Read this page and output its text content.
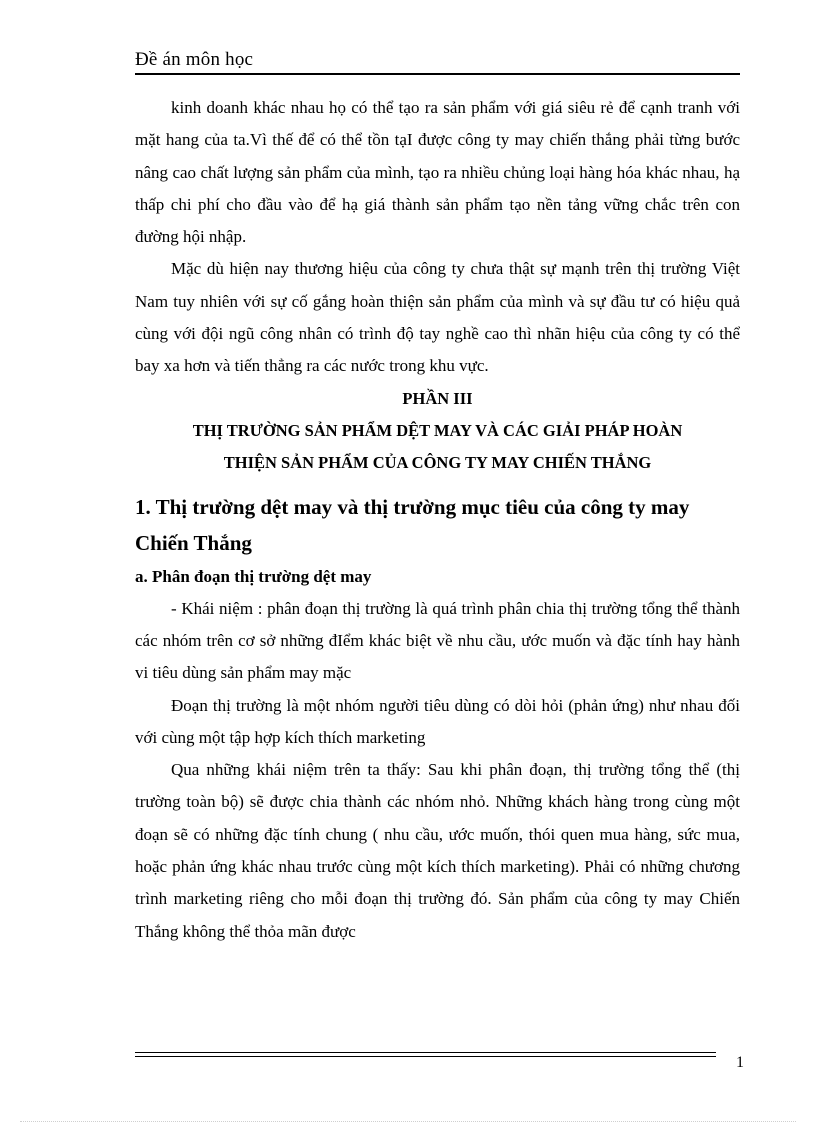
Đề án môn học

kinh doanh khác nhau họ có thể tạo ra sản phẩm với giá siêu rẻ để cạnh tranh với mặt hang của ta.Vì thế để có thể tồn tạI được công ty may chiến thắng phải từng bước nâng cao chất lượng sản phẩm của mình, tạo ra nhiều chủng loại hàng hóa khác nhau, hạ thấp chi phí cho đầu vào để hạ giá thành sản phẩm tạo nền tảng vững chắc trên con đường hội nhập.

Mặc dù hiện nay thương hiệu của công ty chưa thật sự mạnh trên thị trường Việt Nam tuy nhiên với sự cố gắng hoàn thiện sản phẩm của mình và sự đầu tư có hiệu quả cùng với đội ngũ công nhân có trình độ tay nghề cao thì nhãn hiệu của công ty có thể bay xa hơn và tiến thẳng ra các nước trong khu vực.

PHẦN III

THỊ TRƯỜNG SẢN PHẨM DỆT MAY VÀ CÁC GIẢI PHÁP HOÀN

THIỆN SẢN PHẨM CỦA CÔNG TY MAY CHIẾN THẮNG

1. Thị trường dệt may và thị trường mục tiêu của công ty may Chiến Thắng
a. Phân đoạn thị trường dệt may

- Khái niệm : phân đoạn thị trường là quá trình phân chia thị trường tổng thể thành các nhóm trên cơ sở những đIểm khác biệt về nhu cầu, ước muốn và đặc tính hay hành vi tiêu dùng sản phẩm may mặc

Đoạn thị trường là một nhóm người tiêu dùng có dòi hỏi (phản ứng) như nhau đối với cùng một tập hợp kích thích marketing

Qua những khái niệm trên ta thấy: Sau khi phân đoạn, thị trường tổng thể (thị trường toàn bộ) sẽ được chia thành các nhóm nhỏ. Những khách hàng trong cùng một đoạn sẽ có những đặc tính chung ( nhu cầu, ước muốn, thói quen mua hàng, sức mua, hoặc phản ứng khác nhau trước cùng một kích thích marketing). Phải có những chương trình marketing riêng cho mỗi đoạn thị trường đó. Sản phẩm của công ty may Chiến Thắng không thể thỏa mãn được

1
